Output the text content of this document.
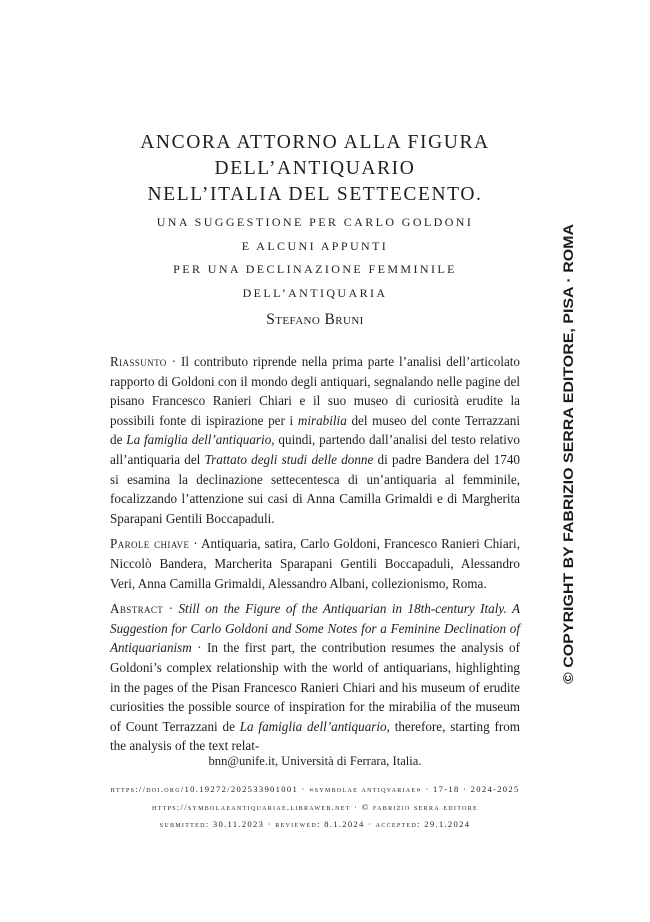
ANCORA ATTORNO ALLA FIGURA
DELL’ANTIQUARIO
NELL’ITALIA DEL SETTECENTO.
UNA SUGGESTIONE PER CARLO GOLDONI
E ALCUNI APPUNTI
PER UNA DECLINAZIONE FEMMINILE
DELL’ANTIQUARIA
Stefano Bruni

Riassunto · Il contributo riprende nella prima parte l’analisi dell’articolato rapporto di Goldoni con il mondo degli antiquari, segnalando nelle pagine del pisano Francesco Ranieri Chiari e il suo museo di curiosità erudite la possibili fonte di ispirazione per i mirabilia del museo del conte Terrazzani de La famiglia dell’antiquario, quindi, partendo dall’analisi del testo relativo all’antiquaria del Trattato degli studi delle donne di padre Bandera del 1740 si esamina la declinazione settecentesca di un’antiquaria al femminile, focalizzando l’attenzione sui casi di Anna Camilla Grimaldi e di Margherita Sparapani Gentili Boccapaduli.

Parole chiave · Antiquaria, satira, Carlo Goldoni, Francesco Ranieri Chiari, Niccolò Bandera, Marcherita Sparapani Gentili Boccapaduli, Alessandro Veri, Anna Camilla Grimaldi, Alessandro Albani, collezionismo, Roma.

Abstract · Still on the Figure of the Antiquarian in 18th-century Italy. A Suggestion for Carlo Goldoni and Some Notes for a Feminine Declination of Antiquarianism · In the first part, the contribution resumes the analysis of Goldoni’s complex relationship with the world of antiquarians, highlighting in the pages of the Pisan Francesco Ranieri Chiari and his museum of erudite curiosities the possible source of inspiration for the mirabilia of the museum of Count Terrazzani de La famiglia dell’antiquario, therefore, starting from the analysis of the text relat-

bnn@unife.it, Università di Ferrara, Italia.
https://doi.org/10.19272/202533901001 · «symbolae antiqvariae» · 17-18 · 2024-2025
https://symbolaeantiquariae.libraweb.net · © fabrizio serra editore
submitted: 30.11.2023 · reviewed: 8.1.2024 · accepted: 29.1.2024
© COPYRIGHT BY FABRIZIO SERRA EDITORE, PISA · ROMA
